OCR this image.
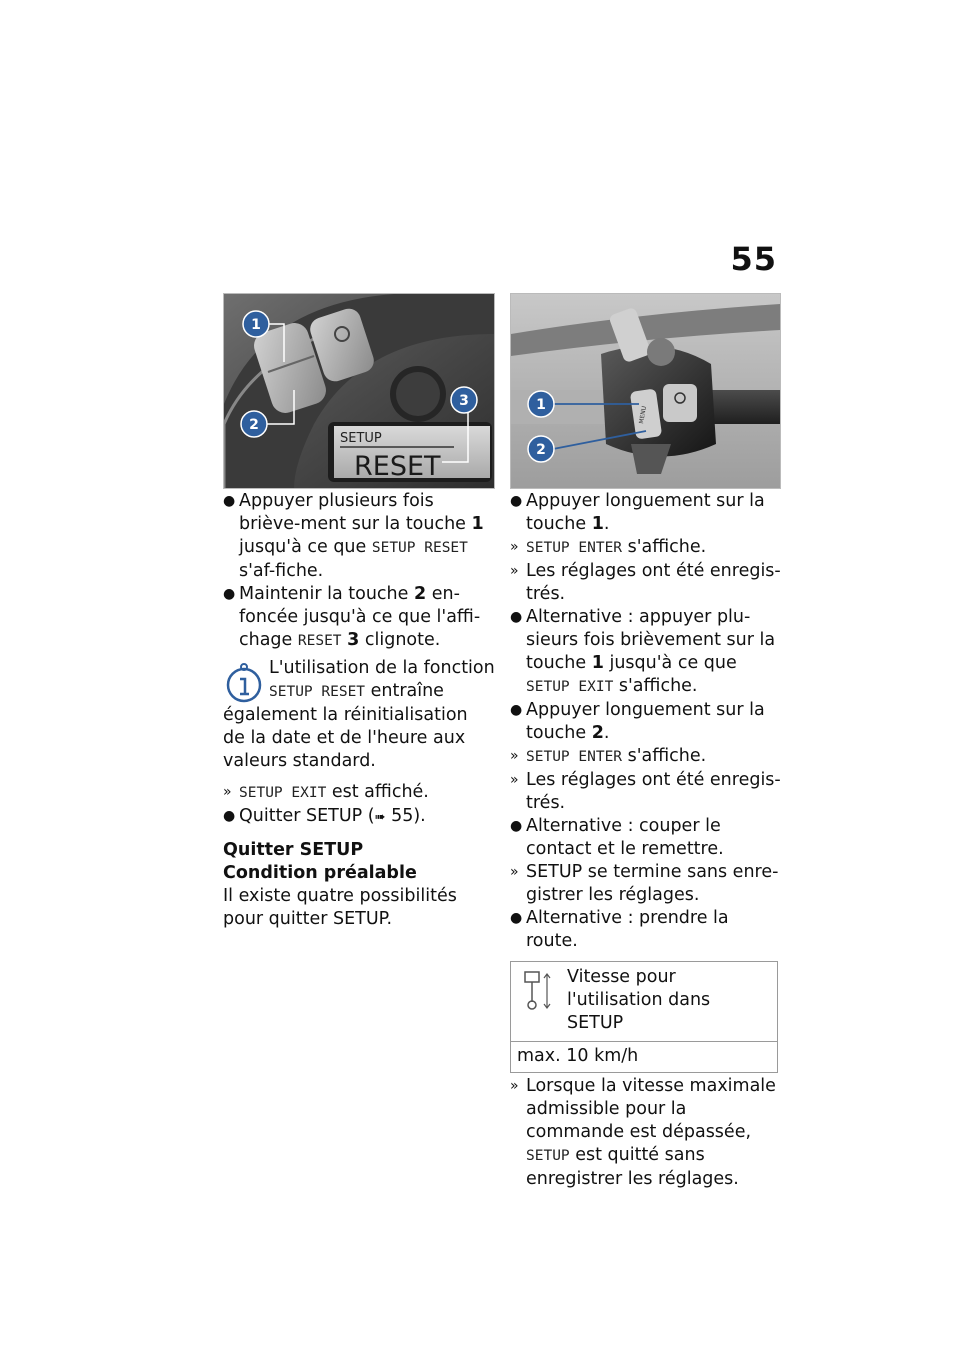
55
SETUP
RESET
1
2
3
MENU
1
2

● Appuyer plusieurs fois briève-ment sur la touche 1 jusqu'à ce que SETUP RESET s'af-fiche.

● Maintenir la touche 2 en-foncée jusqu'à ce que l'affi-chage RESET 3 clignote.

L'utilisation de la fonction SETUP RESET entraîne également la réinitialisation de la date et de l'heure aux valeurs standard.

» SETUP EXIT est affiché.

● Quitter SETUP (➠ 55).

Quitter SETUP
Condition préalable

Il existe quatre possibilités pour quitter SETUP.

● Appuyer longuement sur la touche 1.

» SETUP ENTER s'affiche.

» Les réglages ont été enregis-trés.

● Alternative : appuyer plu-sieurs fois brièvement sur la touche 1 jusqu'à ce que SETUP EXIT s'affiche.

● Appuyer longuement sur la touche 2.

» SETUP ENTER s'affiche.

» Les réglages ont été enregis-trés.

● Alternative : couper le contact et le remettre.

» SETUP se termine sans enre-gistrer les réglages.

● Alternative : prendre la route.

Vitesse pour l'utilisation dans SETUP
max. 10 km/h

» Lorsque la vitesse maximale admissible pour la commande est dépassée, SETUP est quitté sans enregistrer les réglages.
